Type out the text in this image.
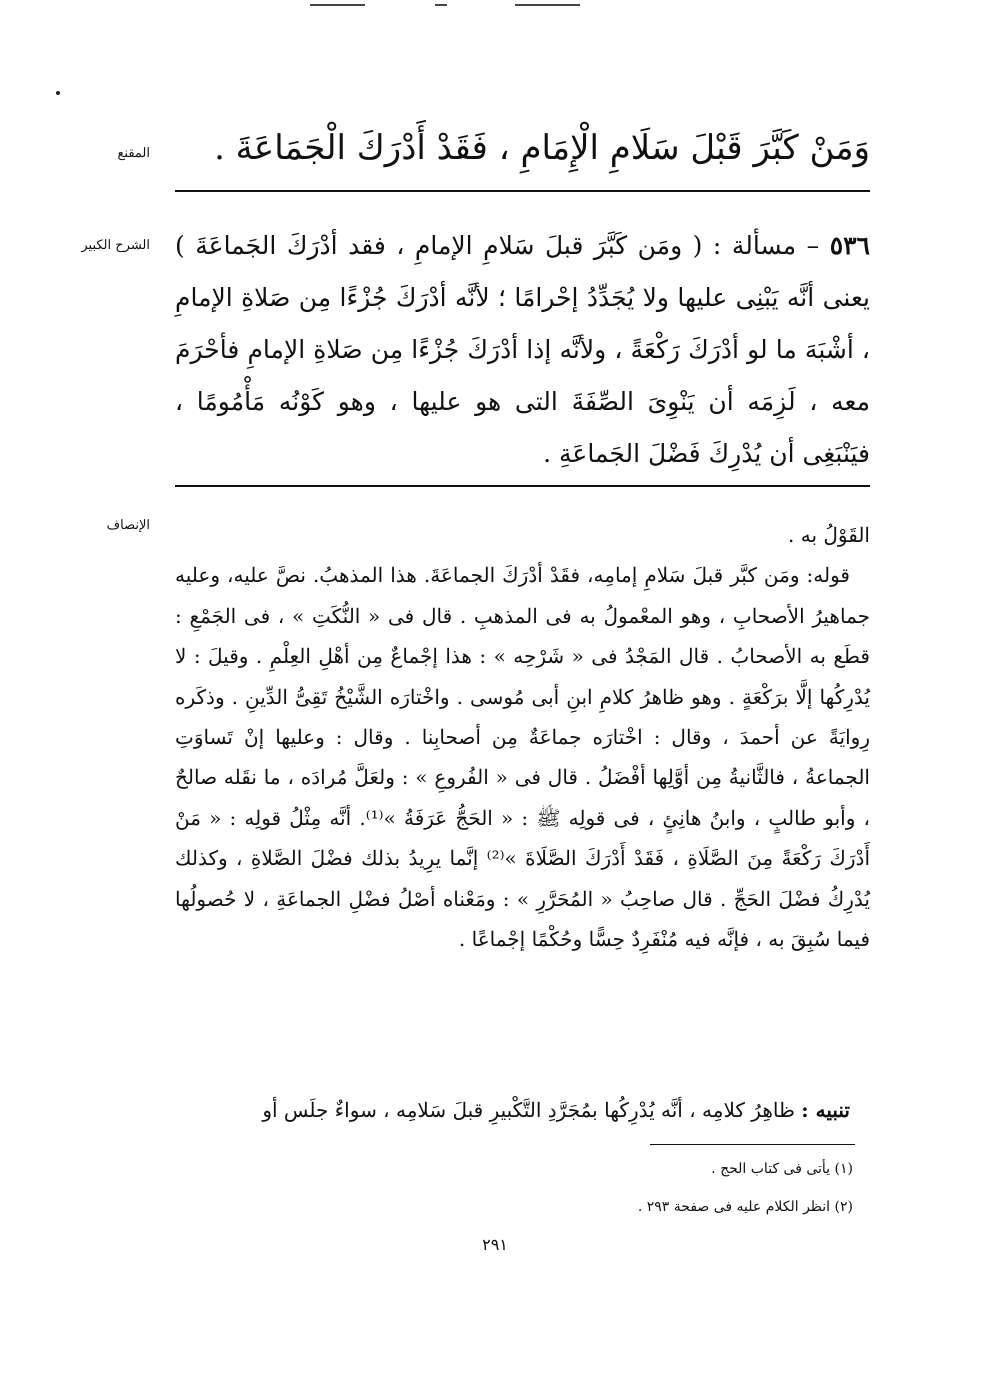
المقنع
الشرح الكبير
الإنصاف
وَمَنْ كَبَّرَ قَبْلَ سَلَامِ الْإِمَامِ ، فَقَدْ أَدْرَكَ الْجَمَاعَةَ .

٥٣٦ – مسألة : ( ومَن كَبَّرَ قبلَ سَلامِ الإمامِ ، فقد أدْرَكَ الجَماعَةَ ) يعنى أنَّه يَبْنِى عليها ولا يُجَدِّدُ إحْرامًا ؛ لأنَّه أدْرَكَ جُزْءًا مِن صَلاةِ الإمامِ ، أشْبَهَ ما لو أدْرَكَ رَكْعَةً ، ولأنَّه إذا أدْرَكَ جُزْءًا مِن صَلاةِ الإمامِ فأحْرَمَ معه ، لَزِمَه أن يَنْوِىَ الصِّفَةَ التى هو عليها ، وهو كَوْنُه مَأْمُومًا ، فيَنْبَغِى أن يُدْرِكَ فَضْلَ الجَماعَةِ .

القَوْلُ به .

قوله: ومَن كبَّر قبلَ سَلامِ إمامِه، فقَدْ أدْرَكَ الجماعَةَ. هذا المذهبُ. نصَّ عليه، وعليه جماهيرُ الأصحابِ ، وهو المعْمولُ به فى المذهبِ . قال فى « النُّكَتِ » ، فى الجَمْعِ : قطَع به الأصحابُ . قال المَجْدُ فى « شَرْحِه » : هذا إجْماعٌ مِن أهْلِ العِلْمِ . وقيلَ : لا يُدْرِكُها إلَّا برَكْعَةٍ . وهو ظاهرُ كلامِ ابنِ أبى مُوسى . واخْتارَه الشَّيْخُ تَقِىُّ الدِّينِ . وذكَره رِوايَةً عن أحمدَ ، وقال : اخْتارَه جماعَةٌ مِن أصحابِنا . وقال : وعليها إنْ تَساوَتِ الجماعةُ ، فالثَّانيةُ مِن أوَّلِها أفْضَلُ . قال فى « الفُروعِ » : ولعَلَّ مُرادَه ، ما نقَله صالحٌ ، وأبو طالبٍ ، وابنُ هانِئٍ ، فى قولِه ﷺ : « الحَجُّ عَرَفَةُ »⁽¹⁾. أنَّه مِثْلُ قولِه : « مَنْ أَدْرَكَ رَكْعَةً مِنَ الصَّلَاةِ ، فَقَدْ أَدْرَكَ الصَّلَاةَ »⁽²⁾ إنَّما يرِيدُ بذلك فضْلَ الصَّلاةِ ، وكذلك يُدْرِكُ فضْلَ الحَجِّ . قال صاحِبُ « المُحَرَّرِ » : ومَعْناه أصْلُ فضْلِ الجماعَةِ ، لا حُصولُها فيما سُبِقَ به ، فإنَّه فيه مُنْفَرِدٌ حِسًّا وحُكْمًا إجْماعًا .

تنبيه : ظاهِرُ كلامِه ، أنَّه يُدْرِكُها بمُجَرَّدِ التَّكْبيرِ قبلَ سَلامِه ، سواءٌ جلَس أو

(١) يأتى فى كتاب الحج .
(٢) انظر الكلام عليه فى صفحة ٢٩٣ .
٢٩١
